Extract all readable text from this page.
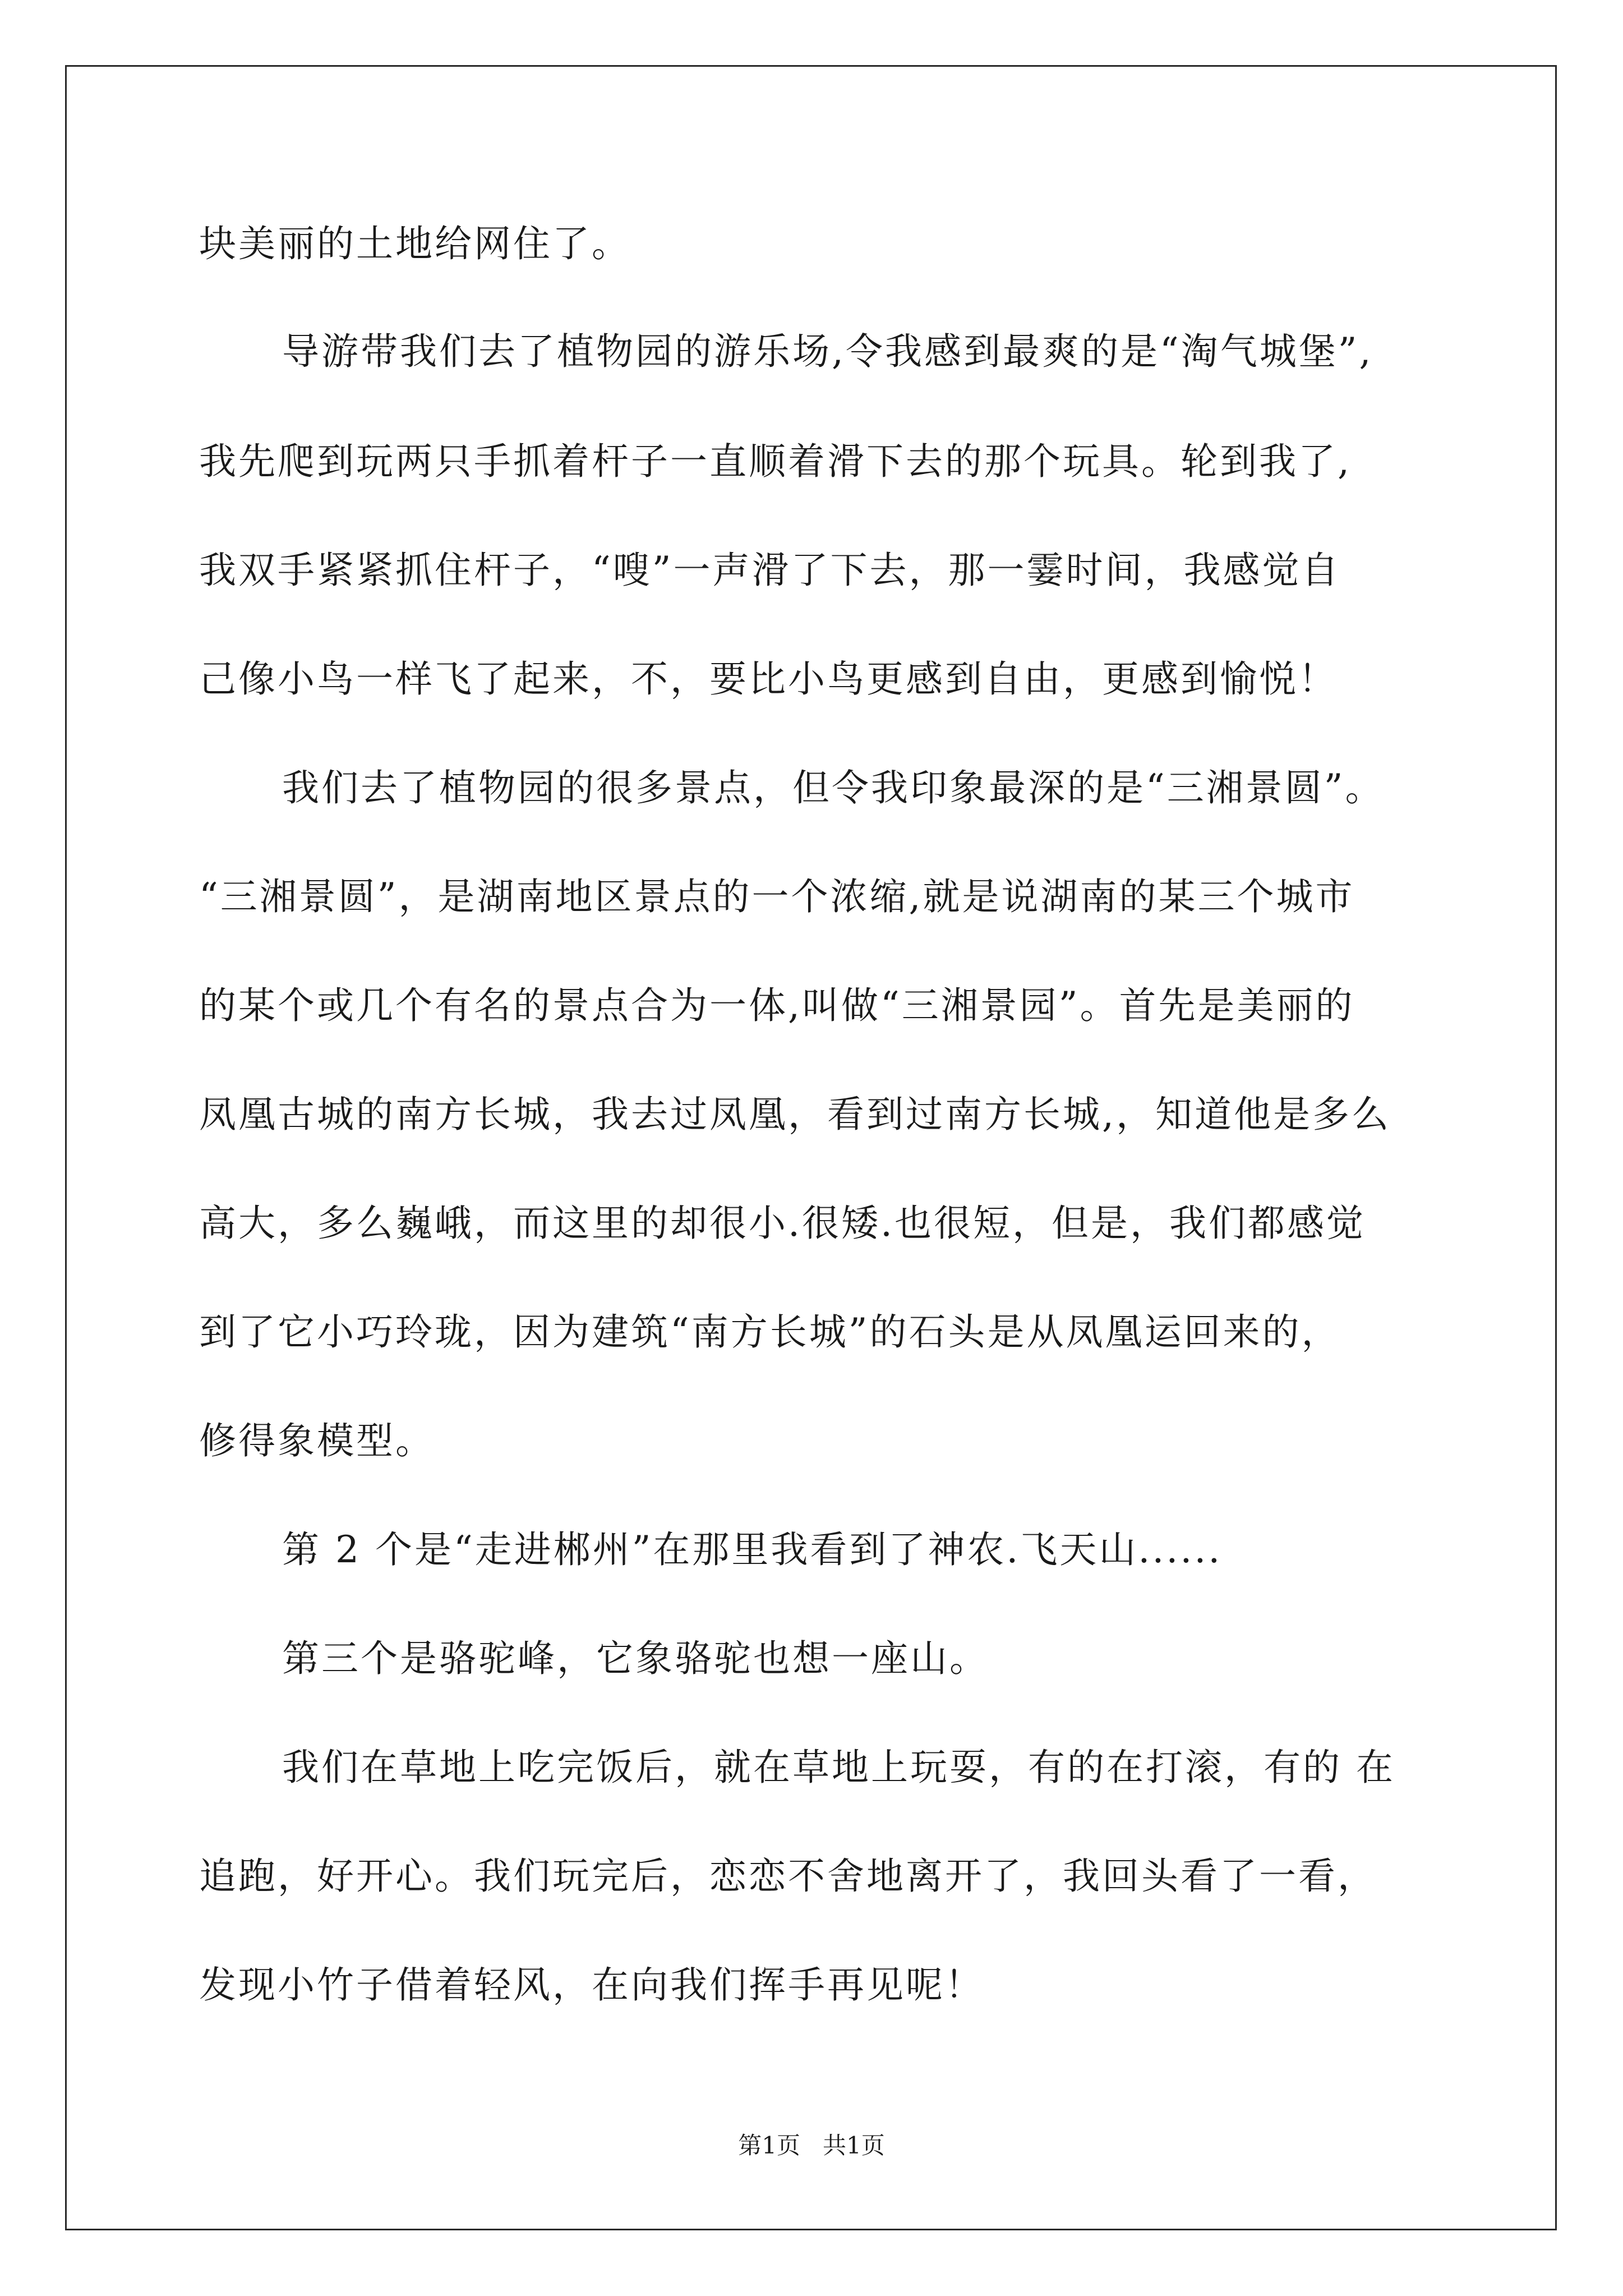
块美丽的土地给网住了。
导游带我们去了植物园的游乐场,令我感到最爽的是“淘气城堡”,
我先爬到玩两只手抓着杆子一直顺着滑下去的那个玩具。轮到我了,
我双手紧紧抓住杆子，“嗖”一声滑了下去，那一霎时间，我感觉自
己像小鸟一样飞了起来，不，要比小鸟更感到自由，更感到愉悦！
我们去了植物园的很多景点，但令我印象最深的是“三湘景圆”。
“三湘景圆”，是湖南地区景点的一个浓缩,就是说湖南的某三个城市
的某个或几个有名的景点合为一体,叫做“三湘景园”。首先是美丽的
凤凰古城的南方长城，我去过凤凰，看到过南方长城,，知道他是多么
高大，多么巍峨，而这里的却很小.很矮.也很短，但是，我们都感觉
到了它小巧玲珑，因为建筑“南方长城”的石头是从凤凰运回来的，
修得象模型。
第 2 个是“走进郴州”在那里我看到了神农.飞天山......
第三个是骆驼峰，它象骆驼也想一座山。
我们在草地上吃完饭后，就在草地上玩耍，有的在打滚，有的 在
追跑，好开心。我们玩完后，恋恋不舍地离开了，我回头看了一看，
发现小竹子借着轻风，在向我们挥手再见呢！
第1页   共1页
